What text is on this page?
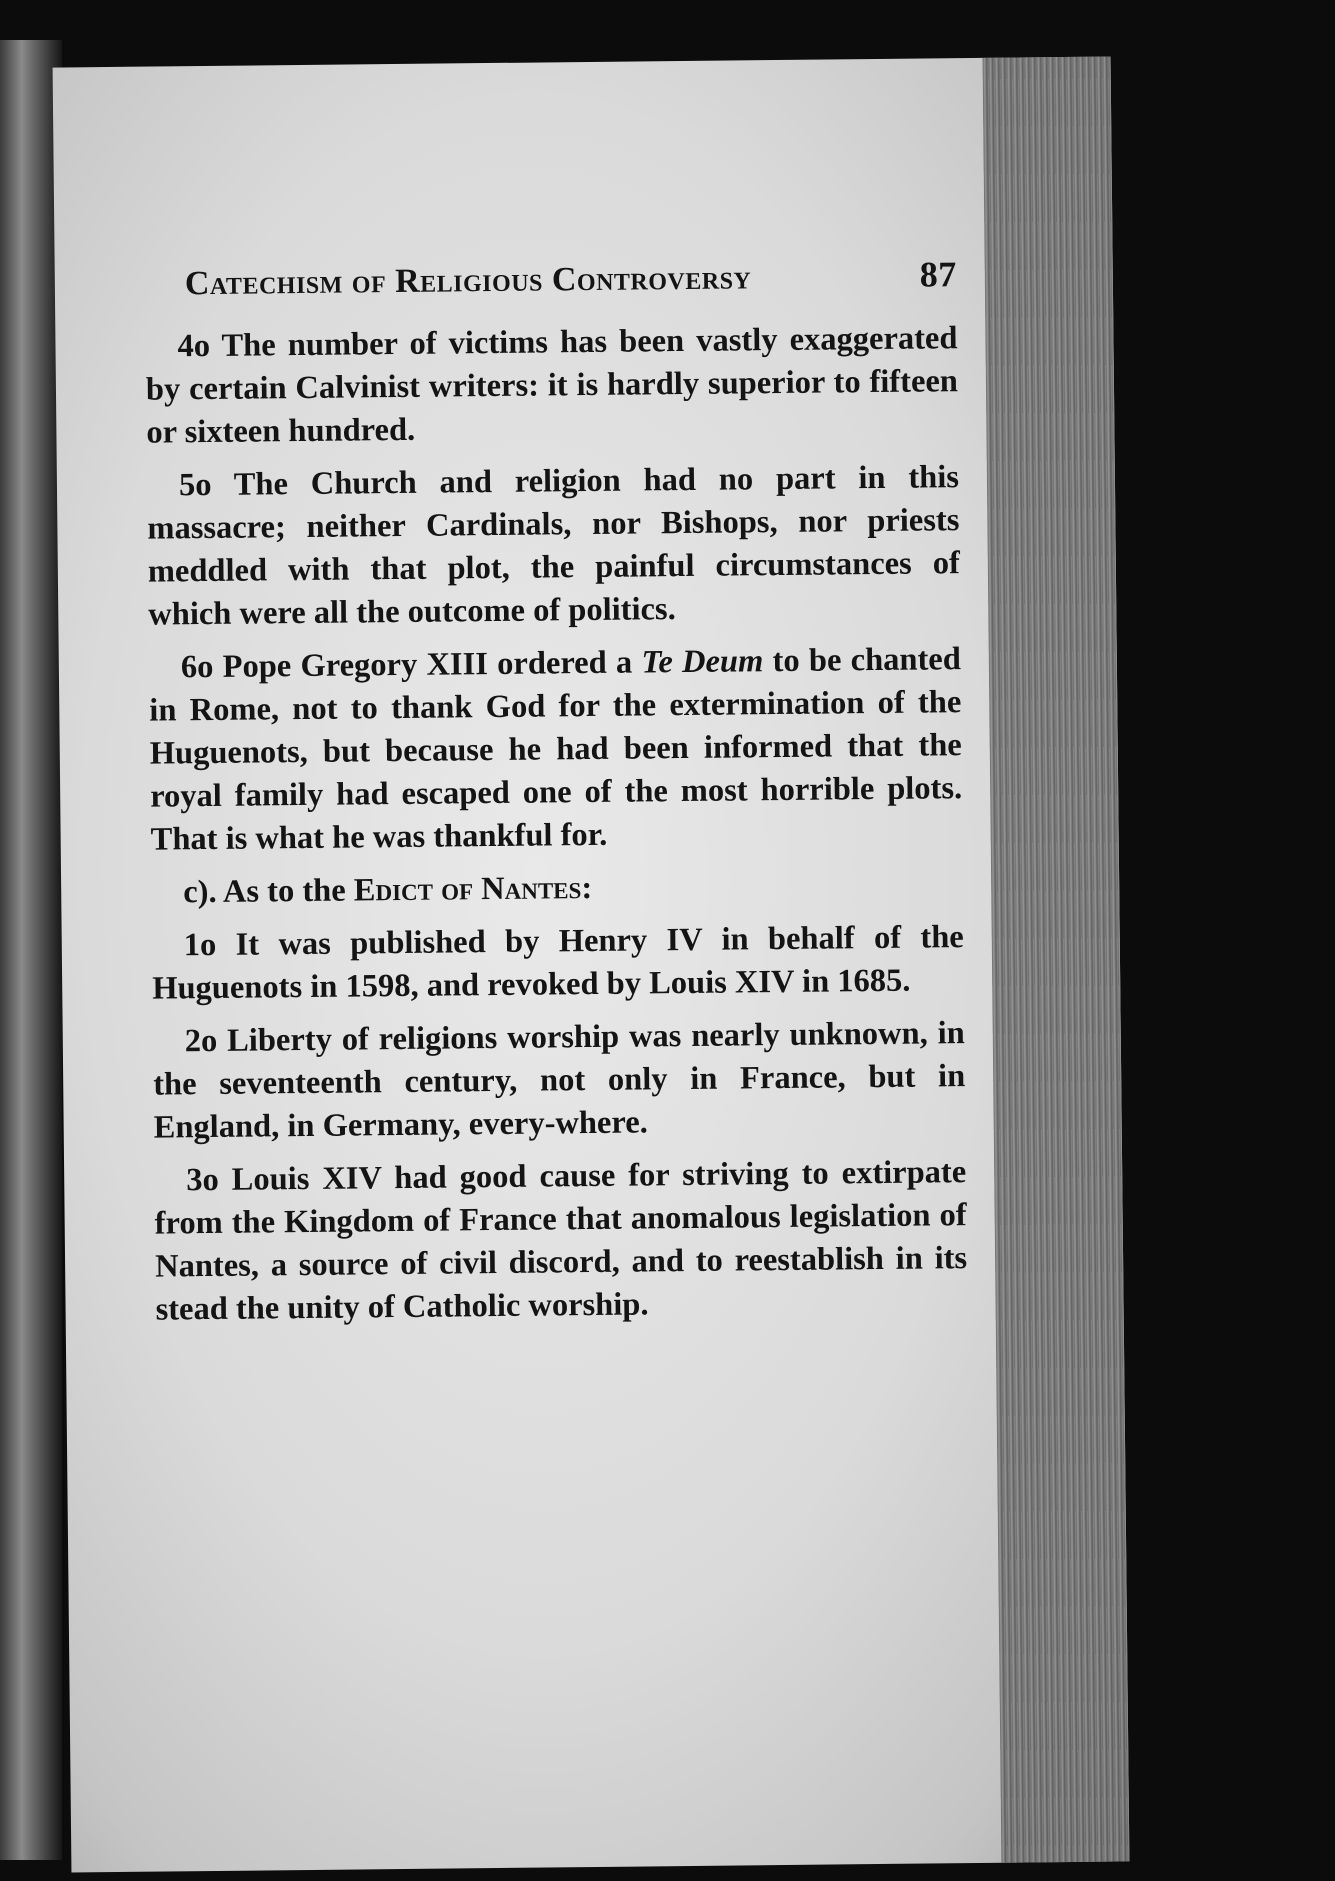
Catechism of Religious Controversy	87

4o The number of victims has been vastly exaggerated by certain Calvinist writers: it is hardly superior to fifteen or sixteen hundred.

5o The Church and religion had no part in this massacre; neither Cardinals, nor Bishops, nor priests meddled with that plot, the painful circumstances of which were all the outcome of politics.

6o Pope Gregory XIII ordered a Te Deum to be chanted in Rome, not to thank God for the extermination of the Huguenots, but because he had been informed that the royal family had escaped one of the most horrible plots. That is what he was thankful for.

c). As to the Edict of Nantes:

1o It was published by Henry IV in behalf of the Huguenots in 1598, and revoked by Louis XIV in 1685.

2o Liberty of religions worship was nearly unknown, in the seventeenth century, not only in France, but in England, in Germany, every-where.

3o Louis XIV had good cause for striving to extirpate from the Kingdom of France that anomalous legislation of Nantes, a source of civil discord, and to reestablish in its stead the unity of Catholic worship.
